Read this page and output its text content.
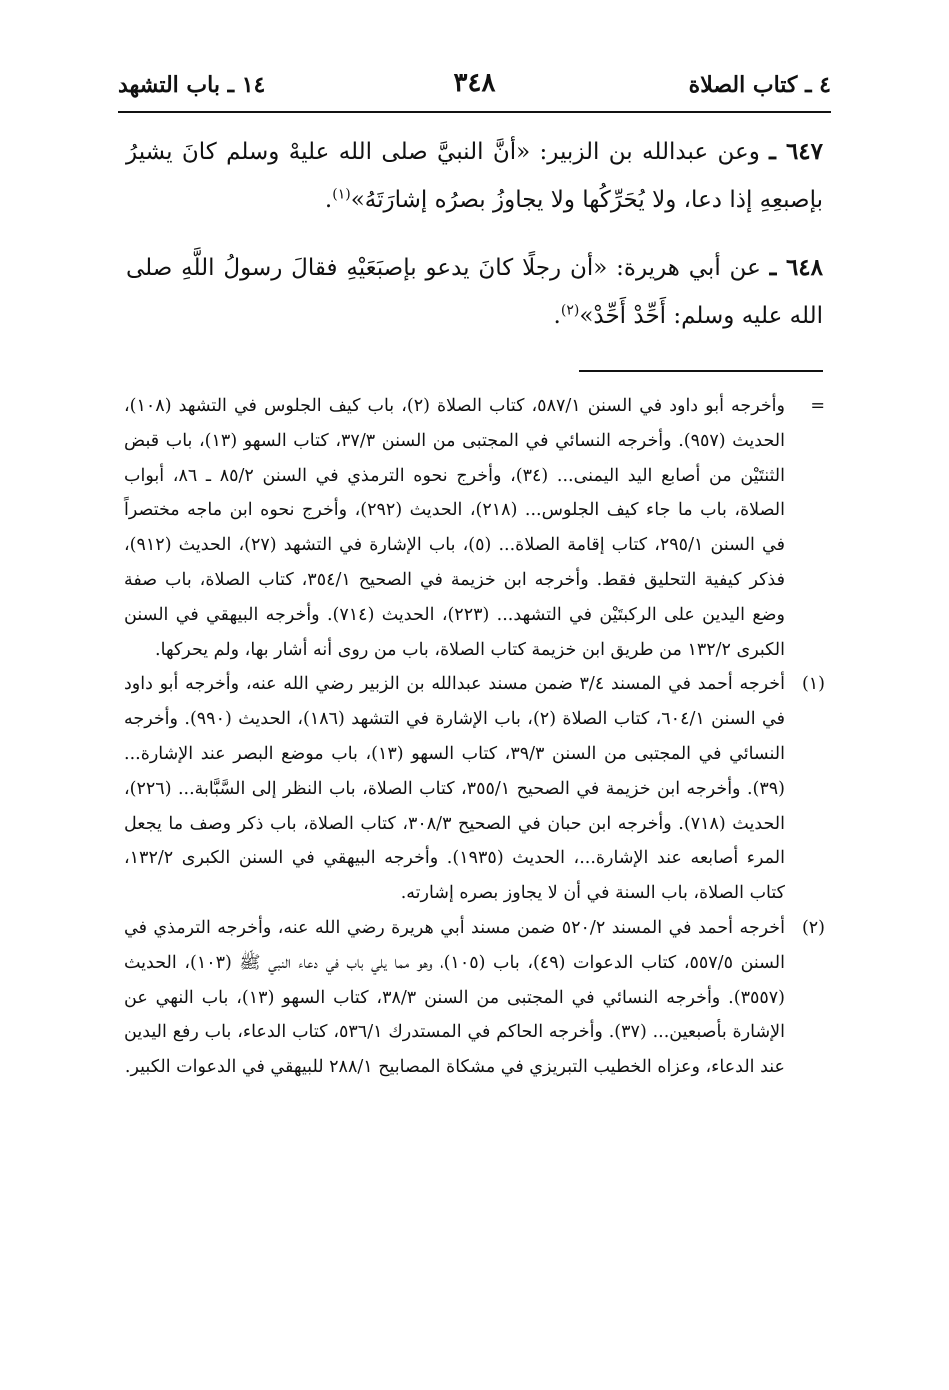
٤ ـ كتاب الصلاة
٣٤٨
١٤ ـ باب التشهد
٦٤٧ ـ وعن عبدالله بن الزبير: «أنَّ النبيَّ صلى الله عليهْ وسلم كانَ يشيرُ بإصبعِهِ إذا دعا، ولا يُحَرِّكُها ولا يجاوزُ بصرُه إشارَتَهُ»$^{(١)}$.
٦٤٨ ـ عن أبي هريرة: «أن رجلًا كانَ يدعو بإصبَعَيْهِ فقالَ رسولُ اللَّهِ صلى الله عليه وسلم: أَحِّدْ أَحِّدْ»$^{(٢)}$.
=
وأخرجه أبو داود في السنن ٥٨٧/١، كتاب الصلاة (٢)، باب كيف الجلوس في التشهد (١٠٨)، الحديث (٩٥٧). وأخرجه النسائي في المجتبى من السنن ٣٧/٣، كتاب السهو (١٣)، باب قبض الثنتَيْن من أصابع اليد اليمنى... (٣٤)، وأخرج نحوه الترمذي في السنن ٨٥/٢ ـ ٨٦، أبواب الصلاة، باب ما جاء كيف الجلوس... (٢١٨)، الحديث (٢٩٢)، وأخرج نحوه ابن ماجه مختصراً في السنن ٢٩٥/١، كتاب إقامة الصلاة... (٥)، باب الإشارة في التشهد (٢٧)، الحديث (٩١٢)، فذكر كيفية التحليق فقط. وأخرجه ابن خزيمة في الصحيح ٣٥٤/١، كتاب الصلاة، باب صفة وضع اليدين على الركبتَيْن في التشهد... (٢٢٣)، الحديث (٧١٤). وأخرجه البيهقي في السنن الكبرى ١٣٢/٢ من طريق ابن خزيمة كتاب الصلاة، باب من روى أنه أشار بها، ولم يحركها.
(١)
أخرجه أحمد في المسند ٣/٤ ضمن مسند عبدالله بن الزبير رضي الله عنه، وأخرجه أبو داود في السنن ٦٠٤/١، كتاب الصلاة (٢)، باب الإشارة في التشهد (١٨٦)، الحديث (٩٩٠). وأخرجه النسائي في المجتبى من السنن ٣٩/٣، كتاب السهو (١٣)، باب موضع البصر عند الإشارة... (٣٩). وأخرجه ابن خزيمة في الصحيح ٣٥٥/١، كتاب الصلاة، باب النظر إلى السَّبَّابة... (٢٢٦)، الحديث (٧١٨). وأخرجه ابن حبان في الصحيح ٣٠٨/٣، كتاب الصلاة، باب ذكر وصف ما يجعل المرء أصابعه عند الإشارة...، الحديث (١٩٣٥). وأخرجه البيهقي في السنن الكبرى ١٣٢/٢، كتاب الصلاة، باب السنة في أن لا يجاوز بصره إشارته.
(٢)
أخرجه أحمد في المسند ٥٢٠/٢ ضمن مسند أبي هريرة رضي الله عنه، وأخرجه الترمذي في السنن ٥٥٧/٥، كتاب الدعوات (٤٩)، باب (١٠٥)، وهو مما يلي باب في دعاء النبي ﷺ (١٠٣)، الحديث (٣٥٥٧). وأخرجه النسائي في المجتبى من السنن ٣٨/٣، كتاب السهو (١٣)، باب النهي عن الإشارة بأصبعين... (٣٧). وأخرجه الحاكم في المستدرك ٥٣٦/١، كتاب الدعاء، باب رفع اليدين عند الدعاء، وعزاه الخطيب التبريزي في مشكاة المصابيح ٢٨٨/١ للبيهقي في الدعوات الكبير.
